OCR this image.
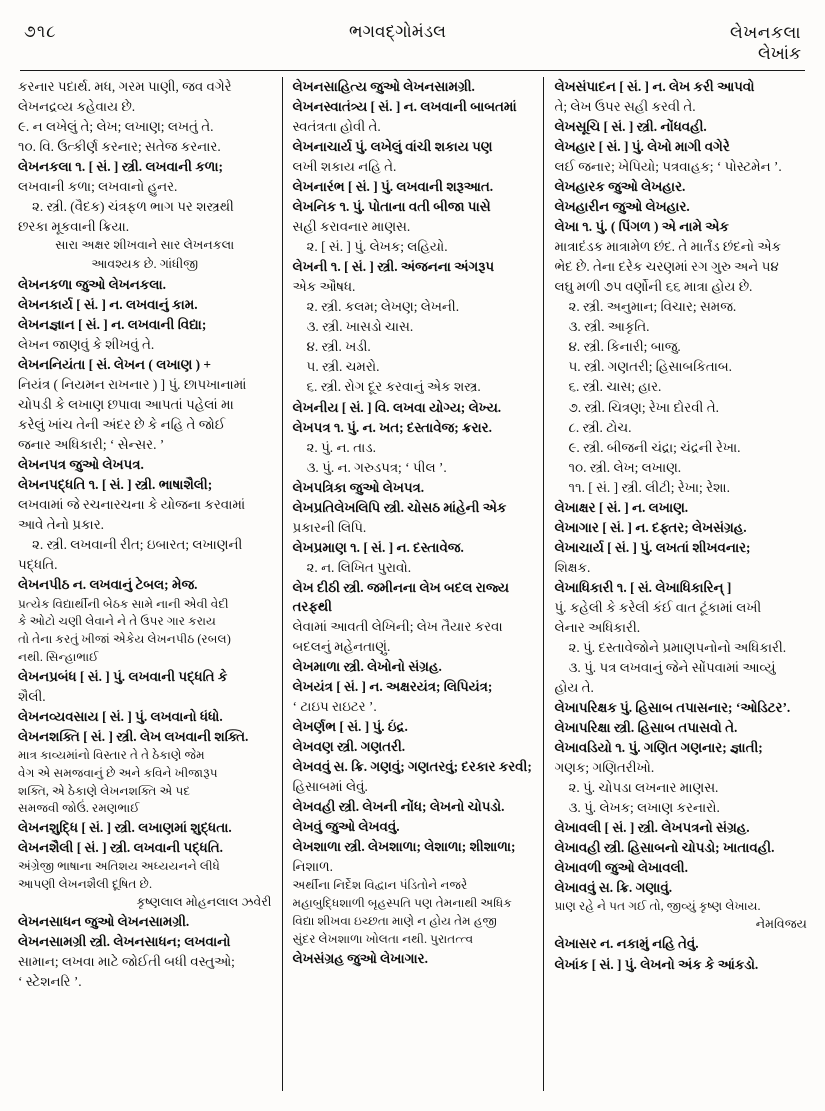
૭૧૮	ભગવદ્ગોમંડલ	લેખનકલા
લેખાંક

કરનાર પદાર્થ. મધ, ગરમ પાણી, જવ વગેરે

લેખનદ્રવ્ય કહેવાય છે.

૯. ન લખેલું તે; લેખ; લખાણ; લખતું તે.

૧૦. વિ. ઉત્કીર્ણ કરનાર; સતેજ કરનાર.

લેખનકલા ૧. [ સં. ] સ્ત્રી. લખવાની કળા;

લખવાની કળા; લખવાનો હુનર.

૨. સ્ત્રી. (વૈદક) ચંત્રફળ ભાગ પર શસ્ત્રથી

છરકા મૂકવાની ક્રિયા.

સારા અક્ષર શીખવાને સાર લેખનકલા

આવશ્યક છે. ગાંધીજી

લેખનકળા જુઓ લેખનકલા.

લેખનકાર્ય [ સં. ] ન. લખવાનું કામ.

લેખનજ્ઞાન [ સં. ] ન. લખવાની વિદ્યા;

લેખન જાણવું કે શીખવું તે.

લેખનનિયંતા [ સં. લેખન ( લખાણ ) +

નિયંત્ર ( નિયમન રાખનાર ) ] પું. છાપખાનામાં

ચોપડી કે લખાણ છપાવા આપતાં પહેલાં મા

કરેલું ખાંચ તેની અંદર છે કે નહિ તે જોઈ

જનાર અધિકારી; ‘ સેન્સર. ’

લેખનપત્ર જુઓ લેખપત્ર.

લેખનપદ્ધતિ ૧. [ સં. ] સ્ત્રી. ભાષાશૈલી;

લખવામાં જે રચનારચના કે યોજના કરવામાં

આવે તેનો પ્રકાર.

૨. સ્ત્રી. લખવાની રીત; ઇબારત; લખાણની

પદ્ધતિ.

લેખનપીઠ ન. લખવાનું ટેબલ; મેજ.

પ્રત્યેક વિદ્યાર્થીની બેઠક સામે નાની એવી વેદી

કે ઓટો ચણી લેવાને ને તે ઉપર ગાર કરાય

તો તેના કરતું ખીજાં એકેય લેખનપીઠ (રબલ)

નથી. સિન્હાભાઈ

લેખનપ્રબંધ [ સં. ] પું. લખવાની પદ્ધતિ કે

શૈલી.

લેખનવ્યવસાય [ સં. ] પું. લખવાનો ધંધો.

લેખનશક્તિ [ સં. ] સ્ત્રી. લેખ લખવાની શક્તિ.

માત્ર કાવ્યમાંનો વિસ્તાર તે તે ઠેકાણે જેમ

વેગ એ સમજવાનું છે અને કવિને ખીજારૂપ

શક્તિ, એ ઠેકાણે લેખનશક્તિ એ પદ

સમજવી જોઉં. રમણભાઈ

લેખનશુદ્ધિ [ સં. ] સ્ત્રી. લખાણમાં શુદ્ધતા.

લેખનશૈલી [ સં. ] સ્ત્રી. લખવાની પદ્ધતિ.

અંગ્રેજી ભાષાના અતિશય અધ્યયનને લીધે

આપણી લેખનશૈલી દૂષિત છે.

કૃષ્ણલાલ મોહનલાલ ઝવેરી

લેખનસાધન જુઓ લેખનસામગ્રી.

લેખનસામગ્રી સ્ત્રી. લેખનસાધન; લખવાનો

સામાન; લખવા માટે જોઈતી બધી વસ્તુઓ;

‘ સ્ટેશનરિ ’.

લેખનસાહિત્ય જુઓ લેખનસામગ્રી.

લેખનસ્વાતંત્ર્ય [ સં. ] ન. લખવાની બાબતમાં

સ્વતંત્રતા હોવી તે.

લેખનાચાર્ય પું. લખેલું વાંચી શકાય પણ

લખી શકાય નહિ તે.

લેખનારંભ [ સં. ] પું. લખવાની શરૂઆત.

લેખનિક ૧. પું. પોતાના વતી બીજા પાસે

સહી કરાવનાર માણસ.

૨. [ સં. ] પું. લેખક; લહિયો.

લેખની ૧. [ સં. ] સ્ત્રી. અંજનના અંગરૂપ

એક ઔષધ.

૨. સ્ત્રી. કલમ; લેખણ; લેખની.

૩. સ્ત્રી. ખાસડો ચાસ.

૪. સ્ત્રી. ખડી.

૫. સ્ત્રી. ચમરો.

૬. સ્ત્રી. રોગ દૂર કરવાનું એક શસ્ત્ર.

લેખનીય [ સં. ] વિ. લખવા યોગ્ય; લેખ્ય.

લેખપત્ર ૧. પું. ન. ખત; દસ્તાવેજ; ક્રરાર.

૨. પું. ન. તાડ.

૩. પું. ન. ગરુડપત્ર; ‘ પીલ ’.

લેખપત્રિકા જુઓ લેખપત્ર.

લેખપ્રતિલેખલિપિ સ્ત્રી. ચોસઠ માંહેની એક

પ્રકારની લિપિ.

લેખપ્રમાણ ૧. [ સં. ] ન. દસ્તાવેજ.

૨. ન. લિખિત પુરાવો.

લેખ દીઠી સ્ત્રી. જમીનના લેખ બદલ રાજ્ય તરફથી

લેવામાં આવતી લેખિની; લેખ તૈયાર કરવા

બદલનું મહેનતાણું.

લેખમાળા સ્ત્રી. લેખોનો સંગ્રહ.

લેખયંત્ર [ સં. ] ન. અક્ષરયંત્ર; લિપિયંત્ર;

‘ ટાઇપ રાઇટર ’.

લેખર્ણભ [ સં. ] પું. ઇંદ્ર.

લેખવણ સ્ત્રી. ગણતરી.

લેખવવું સ. ક્રિ. ગણવું; ગણતરવું; દરકાર કરવી;

હિસાબમાં લેવું.

લેખવહી સ્ત્રી. લેખની નોંધ; લેખનો ચોપડો.

લેખવું જુઓ લેખવવું.

લેખશાળા સ્ત્રી. લેખશાળા; લેશાળા; શીશાળા;

નિશાળ.

અર્થીના નિર્દેશ વિદ્વાન પંડિતોને નજરે

મહાબુદ્ધિશાળી બૃહસ્પતિ પણ તેમનાથી અધિક

વિદ્યા શીખવા ઇચ્છતા માણે ન હોય તેમ હજી

સુંદર લેખશાળા ખોલતા નથી. પુરાતત્ત્વ

લેખસંગ્રહ જુઓ લેખાગાર.

લેખસંપાદન [ સં. ] ન. લેખ કરી આપવો

તે; લેખ ઉપર સહી કરવી તે.

લેખસૂચિ [ સં. ] સ્ત્રી. નોંધવહી.

લેખહાર [ સં. ] પું. લેખો માગી વગેરે

લઈ જનાર; ખેપિયો; પત્રવાહક; ‘ પોસ્ટમેન ’.

લેખહારક જુઓ લેખહાર.

લેખહારીન જુઓ લેખહાર.

લેખા ૧. પું. ( પિંગળ ) એ નામે એક

માત્રાદંડક માત્રામેળ છંદ. તે માર્તંડ છંદનો એક

ભેદ છે. તેના દરેક ચરણમાં રગ ગુરુ અને ૫૪

લઘુ મળી ૭૫ વર્ણોની ૬૬ માત્રા હોય છે.

૨. સ્ત્રી. અનુમાન; વિચાર; સમજ.

૩. સ્ત્રી. આકૃતિ.

૪. સ્ત્રી. કિનારી; બાજુ.

૫. સ્ત્રી. ગણતરી; હિસાબકિતાબ.

૬. સ્ત્રી. ચાસ; હાર.

૭. સ્ત્રી. ચિત્રણ; રેખા દોરવી તે.

૮. સ્ત્રી. ટોચ.

૯. સ્ત્રી. બીજની ચંદ્રા; ચંદ્રની રેખા.

૧૦. સ્ત્રી. લેખ; લખાણ.

૧૧. [ સં. ] સ્ત્રી. લીટી; રેખા; રેશા.

લેખાક્ષર [ સં. ] ન. લખાણ.

લેખાગાર [ સં. ] ન. દફ્તર; લેખસંગ્રહ.

લેખાચાર્ય [ સં. ] પું. લખતાં શીખવનાર;

શિક્ષક.

લેખાધિકારી ૧. [ સં. લેખાધિકારિન્ ]

પું. કહેલી કે કરેલી કંઈ વાત ટૂંકામાં લખી

લેનાર અધિકારી.

૨. પું. દસ્તાવેજોને પ્રમાણપનોનો અધિકારી.

૩. પું. પત્ર લખવાનું જેને સોંપવામાં આવ્યું

હોય તે.

લેખાપરિક્ષક પું. હિસાબ તપાસનાર; ‘ઓડિટર’.

લેખાપરિક્ષા સ્ત્રી. હિસાબ તપાસવો તે.

લેખાવડિયો ૧. પું. ગણિત ગણનાર; જ્ઞાતી;

ગણક; ગણિતરીખો.

૨. પું. ચોપડા લખનાર માણસ.

૩. પું. લેખક; લખાણ કરનારો.

લેખાવલી [ સં. ] સ્ત્રી. લેખપત્રનો સંગ્રહ.

લેખાવહી સ્ત્રી. હિસાબનો ચોપડો; ખાતાવહી.

લેખાવળી જુઓ લેખાવલી.

લેખાવવું સ. ક્રિ. ગણાવું.

પ્રાણ રહે ને પત ગઈ તો, જીવ્યું કૃષ્ણ લેખાય.

નેમવિજય

લેખાસર ન. નકામું નહિ તેવું.

લેખાંક [ સં. ] પું. લેખનો અંક કે આંકડો.
